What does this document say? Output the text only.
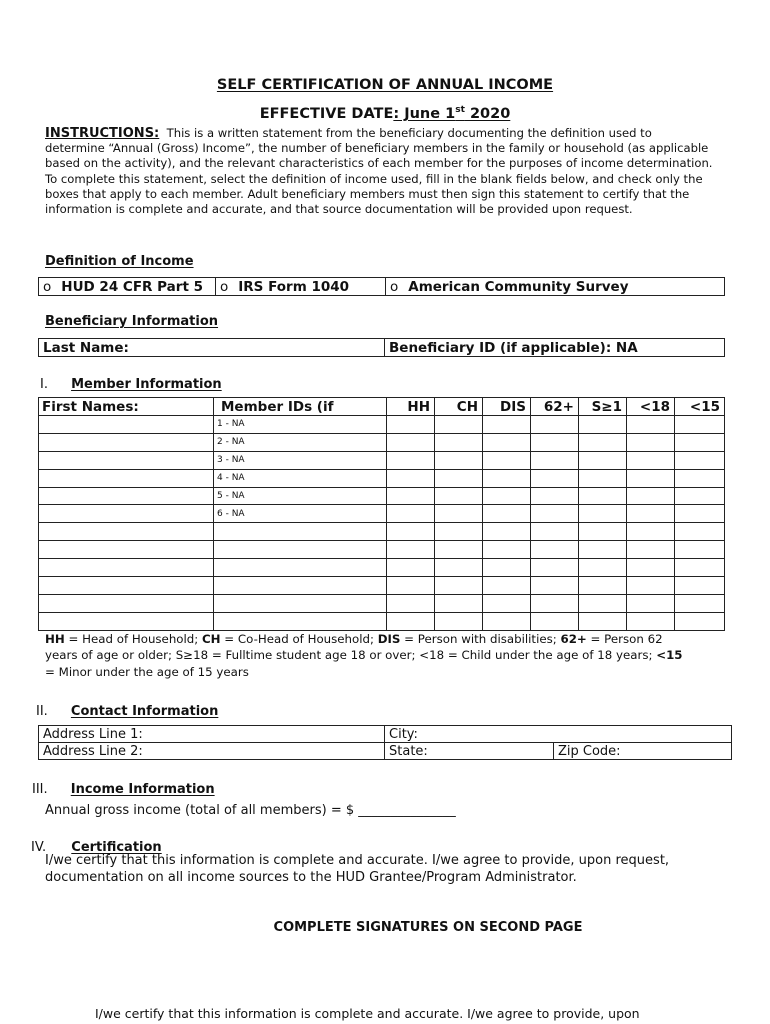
SELF CERTIFICATION OF ANNUAL INCOME
EFFECTIVE DATE: June 1st 2020
INSTRUCTIONS: This is a written statement from the beneficiary documenting the definition used to determine “Annual (Gross) Income”, the number of beneficiary members in the family or household (as applicable based on the activity), and the relevant characteristics of each member for the purposes of income determination. To complete this statement, select the definition of income used, fill in the blank fields below, and check only the boxes that apply to each member. Adult beneficiary members must then sign this statement to certify that the information is complete and accurate, and that source documentation will be provided upon request.
Definition of Income
o HUD 24 CFR Part 5	o IRS Form 1040	o American Community Survey
Beneficiary Information
Last Name:	Beneficiary ID (if applicable): NA
I. Member Information
First Names:	Member IDs (if	HH	CH	DIS	62+	S≥1	<18	<15
	1 - NA							
	2 - NA							
	3 - NA							
	4 - NA							
	5 - NA							
	6 - NA							

HH = Head of Household; CH = Co-Head of Household; DIS = Person with disabilities; 62+ = Person 62 years of age or older; S≥18 = Fulltime student age 18 or over; <18 = Child under the age of 18 years; <15 = Minor under the age of 15 years
II. Contact Information
Address Line 1:	City:	
Address Line 2:	State:	Zip Code:
III. Income Information
Annual gross income (total of all members) = $ _______________
IV. Certification
I/we certify that this information is complete and accurate. I/we agree to provide, upon request, documentation on all income sources to the HUD Grantee/Program Administrator.
COMPLETE SIGNATURES ON SECOND PAGE
I/we certify that this information is complete and accurate. I/we agree to provide, upon
